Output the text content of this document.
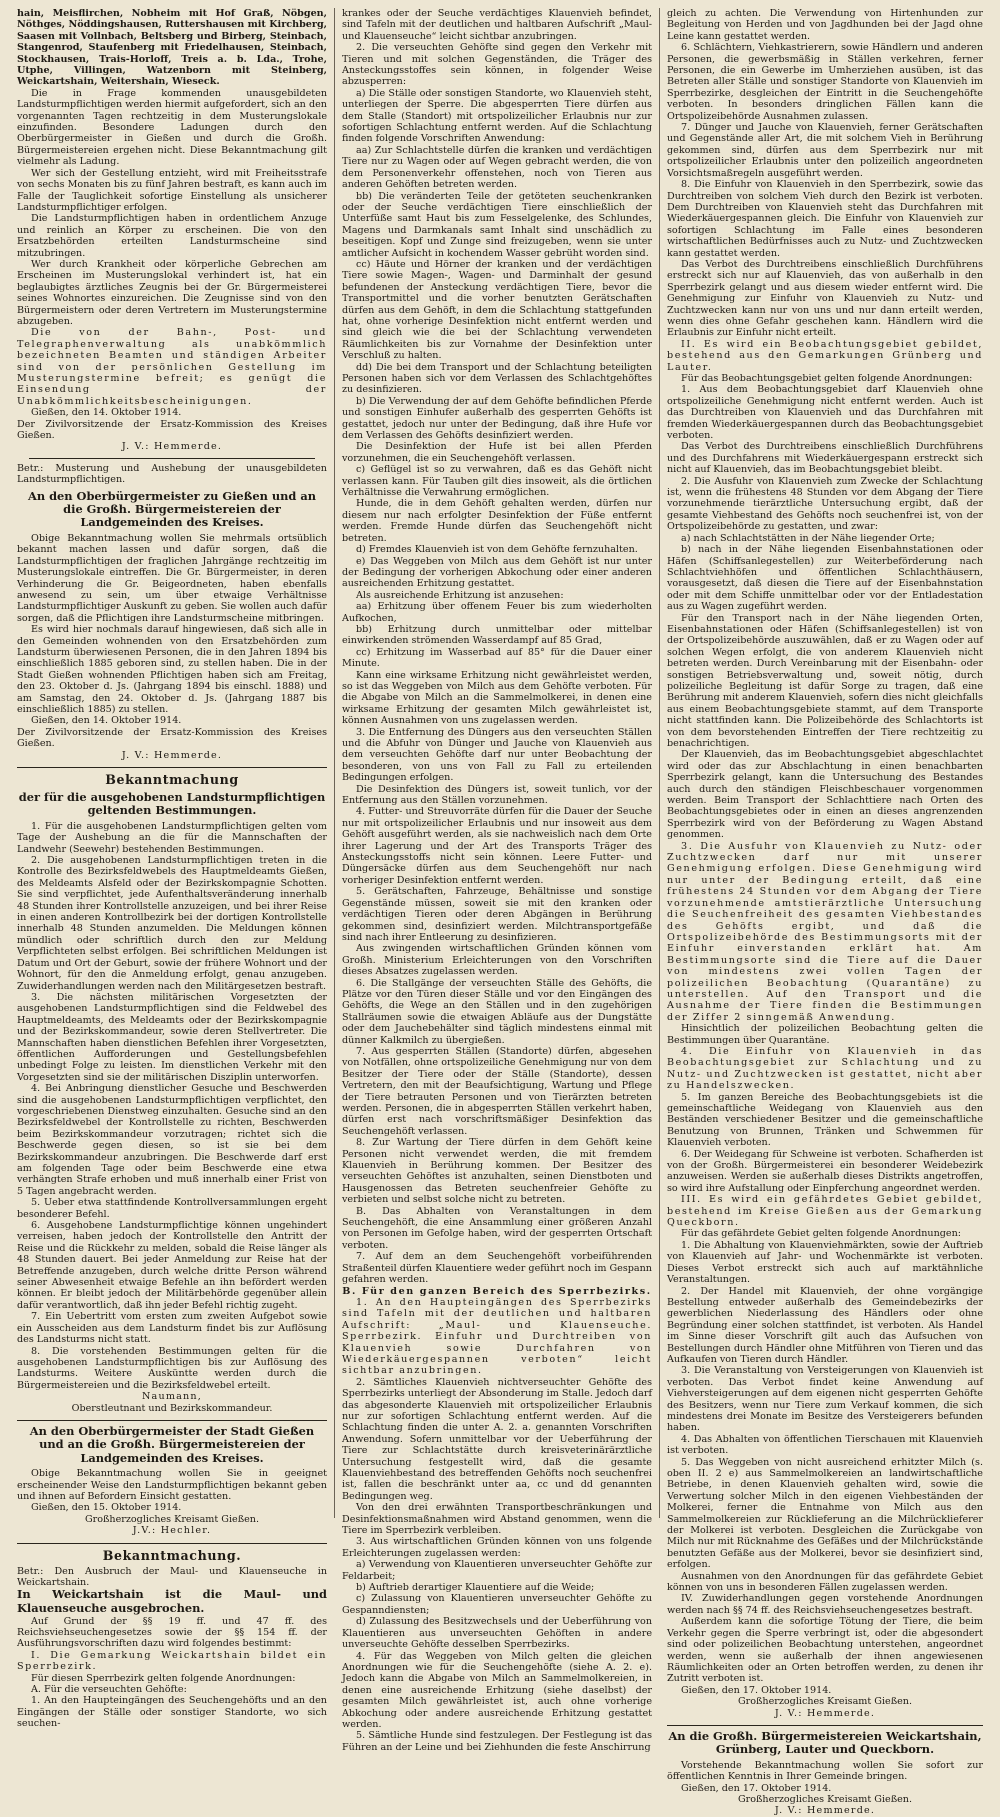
hain, Meisflirchen, Nobheim mit Hof Graß, Nöbgen, Nöthges, Nöddingshausen, Ruttershausen mit Kirchberg, Saasen mit Vollnbach, Beltsberg und Birberg, Steinbach, Stangenrod, Staufenberg mit Friedelhausen, Steinbach, Stockhausen, Trais-Horloff, Treis a. b. Lda., Trohe, Utphe, Villingen, Watzenborn mit Steinberg, Weickartshain, Weitershain, Wieseck.

Die in Frage kommenden unausgebildeten Landsturmpflichtigen werden hiermit aufgefordert, sich an den vorgenannten Tagen rechtzeitig in dem Musterungslokale einzufinden. Besondere Ladungen durch den Oberbürgermeister in Gießen und durch die Großh. Bürgermeistereien ergehen nicht. Diese Bekanntmachung gilt vielmehr als Ladung.

Wer sich der Gestellung entzieht, wird mit Freiheitsstrafe von sechs Monaten bis zu fünf Jahren bestraft, es kann auch im Falle der Tauglichkeit sofortige Einstellung als unsicherer Landsturmpflichtiger erfolgen.

Die Landsturmpflichtigen haben in ordentlichem Anzuge und reinlich an Körper zu erscheinen. Die von den Ersatzbehörden erteilten Landsturmscheine sind mitzubringen.

Wer durch Krankheit oder körperliche Gebrechen am Erscheinen im Musterungslokal verhindert ist, hat ein beglaubigtes ärztliches Zeugnis bei der Gr. Bürgermeisterei seines Wohnortes einzureichen. Die Zeugnisse sind von den Bürgermeistern oder deren Vertretern im Musterungstermine abzugeben.

Die von der Bahn-, Post- und Telegraphenverwaltung als unabkömmlich bezeichneten Beamten und ständigen Arbeiter sind von der persönlichen Gestellung im Musterungstermine befreit; es genügt die Einsendung der Unabkömmlichkeitsbescheinigungen.

Gießen, den 14. Oktober 1914.

Der Zivilvorsitzende der Ersatz-Kommission des Kreises Gießen.

J. V.: Hemmerde.

Betr.: Musterung und Aushebung der unausgebildeten Landsturmpflichtigen.

An den Oberbürgermeister zu Gießen und an die Großh. Bürgermeistereien der Landgemeinden des Kreises.

Obige Bekanntmachung wollen Sie mehrmals ortsüblich bekannt machen lassen und dafür sorgen, daß die Landsturmpflichtigen der fraglichen Jahrgänge rechtzeitig im Musterungslokale eintreffen. Die Gr. Bürgermeister, in deren Verhinderung die Gr. Beigeordneten, haben ebenfalls anwesend zu sein, um über etwaige Verhältnisse Landsturmpflichtiger Auskunft zu geben. Sie wollen auch dafür sorgen, daß die Pflichtigen ihre Landsturmscheine mitbringen.

Es wird hier nochmals darauf hingewiesen, daß sich alle in den Gemeinden wohnenden von den Ersatzbehörden zum Landsturm überwiesenen Personen, die in den Jahren 1894 bis einschließlich 1885 geboren sind, zu stellen haben. Die in der Stadt Gießen wohnenden Pflichtigen haben sich am Freitag, den 23. Oktober d. Js. (Jahrgang 1894 bis einschl. 1888) und am Samstag, den 24. Oktober d. Js. (Jahrgang 1887 bis einschließlich 1885) zu stellen.

Gießen, den 14. Oktober 1914.

Der Zivilvorsitzende der Ersatz-Kommission des Kreises Gießen.

J. V.: Hemmerde.

Bekanntmachung

der für die ausgehobenen Landsturmpflichtigen geltenden Bestimmungen.

1. Für die ausgehobenen Landsturmpflichtigen gelten vom Tage der Aushebung an die für die Mannschaften der Landwehr (Seewehr) bestehenden Bestimmungen.

2. Die ausgehobenen Landsturmpflichtigen treten in die Kontrolle des Bezirksfeldwebels des Hauptmeldeamts Gießen, des Meldeamts Alsfeld oder der Bezirkskompagnie Schotten. Sie sind verpflichtet, jede Aufenthaltsveränderung innerhalb 48 Stunden ihrer Kontrollstelle anzuzeigen, und bei ihrer Reise in einen anderen Kontrollbezirk bei der dortigen Kontrollstelle innerhalb 48 Stunden anzumelden. Die Meldungen können mündlich oder schriftlich durch den zur Meldung Verpflichteten selbst erfolgen. Bei schriftlichen Meldungen ist Datum und Ort der Geburt, sowie der frühere Wohnort und der Wohnort, für den die Anmeldung erfolgt, genau anzugeben. Zuwiderhandlungen werden nach den Militärgesetzen bestraft.

3. Die nächsten militärischen Vorgesetzten der ausgehobenen Landsturmpflichtigen sind die Feldwebel des Hauptmeldeamts, des Meldeamts oder der Bezirkskompagnie und der Bezirkskommandeur, sowie deren Stellvertreter. Die Mannschaften haben dienstlichen Befehlen ihrer Vorgesetzten, öffentlichen Aufforderungen und Gestellungsbefehlen unbedingt Folge zu leisten. Im dienstlichen Verkehr mit den Vorgesetzten sind sie der militärischen Disziplin unterworfen.

4. Bei Anbringung dienstlicher Gesuche und Beschwerden sind die ausgehobenen Landsturmpflichtigen verpflichtet, den vorgeschriebenen Dienstweg einzuhalten. Gesuche sind an den Bezirksfeldwebel der Kontrollstelle zu richten, Beschwerden beim Bezirkskommandeur vorzutragen; richtet sich die Beschwerde gegen diesen, so ist sie bei dem Bezirkskommandeur anzubringen. Die Beschwerde darf erst am folgenden Tage oder beim Beschwerde eine etwa verhängten Strafe erhoben und muß innerhalb einer Frist von 5 Tagen angebracht werden.

5. Ueber etwa stattfindende Kontrollversammlungen ergeht besonderer Befehl.

6. Ausgehobene Landsturmpflichtige können ungehindert verreisen, haben jedoch der Kontrollstelle den Antritt der Reise und die Rückkehr zu melden, sobald die Reise länger als 48 Stunden dauert. Bei jeder Anmeldung zur Reise hat der Betreffende anzugeben, durch welche dritte Person während seiner Abwesenheit etwaige Befehle an ihn befördert werden können. Er bleibt jedoch der Militärbehörde gegenüber allein dafür verantwortlich, daß ihn jeder Befehl richtig zugeht.

7. Ein Uebertritt vom ersten zum zweiten Aufgebot sowie ein Ausscheiden aus dem Landsturm findet bis zur Auflösung des Landsturms nicht statt.

8. Die vorstehenden Bestimmungen gelten für die ausgehobenen Landsturmpflichtigen bis zur Auflösung des Landsturms. Weitere Ausküntte werden durch die Bürgermeistereien und die Bezirksfeldwebel erteilt.

Naumann,

Oberstleutnant und Bezirkskommandeur.

An den Oberbürgermeister der Stadt Gießen und an die Großh. Bürgermeistereien der Landgemeinden des Kreises.

Obige Bekanntmachung wollen Sie in geeignet erscheinender Weise den Landsturmpflichtigen bekannt geben und ihnen auf Befordern Einsicht gestatten.

Gießen, den 15. Oktober 1914.

Großherzogliches Kreisamt Gießen.

J.V.: Hechler.

Bekanntmachung.

Betr.: Den Ausbruch der Maul- und Klauenseuche in Weickartshain.

In Weickartshain ist die Maul- und Klauenseuche ausgebrochen.

Auf Grund der §§ 19 ff. und 47 ff. des Reichsviehseuchengesetzes sowie der §§ 154 ff. der Ausführungsvorschriften dazu wird folgendes bestimmt:

I. Die Gemarkung Weickartshain bildet ein Sperrbezirk.

Für diesen Sperrbezirk gelten folgende Anordnungen:

A. Für die verseuchten Gehöfte:

1. An den Haupteingängen des Seuchengehöfts und an den Eingängen der Ställe oder sonstiger Standorte, wo sich seuchen-

krankes oder der Seuche verdächtiges Klauenvieh befindet, sind Tafeln mit der deutlichen und haltbaren Aufschrift „Maul- und Klauenseuche“ leicht sichtbar anzubringen.

2. Die verseuchten Gehöfte sind gegen den Verkehr mit Tieren und mit solchen Gegenständen, die Träger des Ansteckungsstoffes sein können, in folgender Weise abzusperren:

a) Die Ställe oder sonstigen Standorte, wo Klauenvieh steht, unterliegen der Sperre. Die abgesperrten Tiere dürfen aus dem Stalle (Standort) mit ortspolizeilicher Erlaubnis nur zur sofortigen Schlachtung entfernt werden. Auf die Schlachtung finden folgende Vorschriften Anwendung:

aa) Zur Schlachtstelle dürfen die kranken und verdächtigen Tiere nur zu Wagen oder auf Wegen gebracht werden, die von dem Personenverkehr offenstehen, noch von Tieren aus anderen Gehöften betreten werden.

bb) Die veränderten Teile der getöteten seuchenkranken oder der Seuche verdächtigen Tiere einschließlich der Unterfüße samt Haut bis zum Fesselgelenke, des Schlundes, Magens und Darmkanals samt Inhalt sind unschädlich zu beseitigen. Kopf und Zunge sind freizugeben, wenn sie unter amtlicher Aufsicht in kochendem Wasser gebrüht worden sind.

cc) Häute und Hörner der kranken und der verdächtigen Tiere sowie Magen-, Wagen- und Darminhalt der gesund befundenen der Ansteckung verdächtigen Tiere, bevor die Transportmittel und die vorher benutzten Gerätschaften dürfen aus dem Gehöft, in dem die Schlachtung stattgefunden hat, ohne vorherige Desinfektion nicht entfernt werden und sind gleich wie die bei der Schlachtung verwendeten Räumlichkeiten bis zur Vornahme der Desinfektion unter Verschluß zu halten.

dd) Die bei dem Transport und der Schlachtung beteiligten Personen haben sich vor dem Verlassen des Schlachtgehöftes zu desinfizieren.

b) Die Verwendung der auf dem Gehöfte befindlichen Pferde und sonstigen Einhufer außerhalb des gesperrten Gehöfts ist gestattet, jedoch nur unter der Bedingung, daß ihre Hufe vor dem Verlassen des Gehöfts desinfiziert werden.

Die Desinfektion der Hufe ist bei allen Pferden vorzunehmen, die ein Seuchengehöft verlassen.

c) Geflügel ist so zu verwahren, daß es das Gehöft nicht verlassen kann. Für Tauben gilt dies insoweit, als die örtlichen Verhältnisse die Verwahrung ermöglichen.

Hunde, die in dem Gehöft gehalten werden, dürfen nur diesem nur nach erfolgter Desinfektion der Füße entfernt werden. Fremde Hunde dürfen das Seuchengehöft nicht betreten.

d) Fremdes Klauenvieh ist von dem Gehöfte fernzuhalten.

e) Das Weggeben von Milch aus dem Gehöft ist nur unter der Bedingung der vorherigen Abkochung oder einer anderen ausreichenden Erhitzung gestattet.

Als ausreichende Erhitzung ist anzusehen:

aa) Erhitzung über offenem Feuer bis zum wiederholten Aufkochen,

bb) Erhitzung durch unmittelbar oder mittelbar einwirkenden strömenden Wasserdampf auf 85 Grad,

cc) Erhitzung im Wasserbad auf 85° für die Dauer einer Minute.

Kann eine wirksame Erhitzung nicht gewährleistet werden, so ist das Weggeben von Milch aus dem Gehöfte verboten. Für die Abgabe von Milch an die Sammelmolkerei, in denen eine wirksame Erhitzung der gesamten Milch gewährleistet ist, können Ausnahmen von uns zugelassen werden.

3. Die Entfernung des Düngers aus den verseuchten Ställen und die Abfuhr von Dünger und Jauche von Klauenvieh aus dem verseuchten Gehöfte darf nur unter Beobachtung der besonderen, von uns von Fall zu Fall zu erteilenden Bedingungen erfolgen.

Die Desinfektion des Düngers ist, soweit tunlich, vor der Entfernung aus den Ställen vorzunehmen.

4. Futter- und Streuvorräte dürfen für die Dauer der Seuche nur mit ortspolizeilicher Erlaubnis und nur insoweit aus dem Gehöft ausgeführt werden, als sie nachweislich nach dem Orte ihrer Lagerung und der Art des Transports Träger des Ansteckungsstoffs nicht sein können. Leere Futter- und Düngersäcke dürfen aus dem Seuchengehöft nur nach vorheriger Desinfektion entfernt werden.

5. Gerätschaften, Fahrzeuge, Behältnisse und sonstige Gegenstände müssen, soweit sie mit den kranken oder verdächtigen Tieren oder deren Abgängen in Berührung gekommen sind, desinfiziert werden. Milchtransportgefäße sind nach ihrer Entleerung zu desinfizieren.

Aus zwingenden wirtschaftlichen Gründen können vom Großh. Ministerium Erleichterungen von den Vorschriften dieses Absatzes zugelassen werden.

6. Die Stallgänge der verseuchten Ställe des Gehöfts, die Plätze vor den Türen dieser Ställe und vor den Eingängen des Gehöfts, die Wege an den Ställen und in den zugehörigen Stallräumen sowie die etwaigen Abläufe aus der Dungstätte oder dem Jauchebehälter sind täglich mindestens einmal mit dünner Kalkmilch zu übergießen.

7. Aus gesperrten Ställen (Standorte) dürfen, abgesehen von Notfällen, ohne ortspolizeiliche Genehmigung nur von dem Besitzer der Tiere oder der Ställe (Standorte), dessen Vertretern, den mit der Beaufsichtigung, Wartung und Pflege der Tiere betrauten Personen und von Tierärzten betreten werden. Personen, die in abgesperrten Ställen verkehrt haben, dürfen erst nach vorschriftsmäßiger Desinfektion das Seuchengehöft verlassen.

8. Zur Wartung der Tiere dürfen in dem Gehöft keine Personen nicht verwendet werden, die mit fremdem Klauenvieh in Berührung kommen. Der Besitzer des verseuchten Gehöftes ist anzuhalten, seinen Dienstboten und Hausgenossen das Betreten seuchenfreier Gehöfte zu verbieten und selbst solche nicht zu betreten.

B. Das Abhalten von Veranstaltungen in dem Seuchengehöft, die eine Ansammlung einer größeren Anzahl von Personen im Gefolge haben, wird der gesperrten Ortschaft verboten.

7. Auf dem an dem Seuchengehöft vorbeiführenden Straßenteil dürfen Klauentiere weder geführt noch im Gespann gefahren werden.

B. Für den ganzen Bereich des Sperrbezirks.

1. An den Haupteingängen des Sperrbezirks sind Tafeln mit der deutlichen und haltbaren Aufschrift: „Maul- und Klauenseuche. Sperrbezirk. Einfuhr und Durchtreiben von Klauenvieh sowie Durchfahren von Wiederkäuergespannen verboten“ leicht sichtbar anzubringen.

2. Sämtliches Klauenvieh nichtverseuchter Gehöfte des Sperrbezirks unterliegt der Absonderung im Stalle. Jedoch darf das abgesonderte Klauenvieh mit ortspolizeilicher Erlaubnis nur zur sofortigen Schlachtung entfernt werden. Auf die Schlachtung finden die unter A. 2. a. genannten Vorschriften Anwendung. Sofern unmittelbar vor der Ueberführung der Tiere zur Schlachtstätte durch kreisveterinärärztliche Untersuchung festgestellt wird, daß die gesamte Klauenviehbestand des betreffenden Gehöfts noch seuchenfrei ist, fallen die beschränkt unter aa, cc und dd genannten Bedingungen weg.

Von den drei erwähnten Transportbeschränkungen und Desinfektionsmaßnahmen wird Abstand genommen, wenn die Tiere im Sperrbezirk verbleiben.

3. Aus wirtschaftlichen Gründen können von uns folgende Erleichterungen zugelassen werden:

a) Verwendung von Klauentieren unverseuchter Gehöfte zur Feldarbeit;

b) Auftrieb derartiger Klauentiere auf die Weide;

c) Zulassung von Klauentieren unverseuchter Gehöfte zu Gespanndiensten;

d) Zulassung des Besitzwechsels und der Ueberführung von Klauentieren aus unverseuchten Gehöften in andere unverseuchte Gehöfte desselben Sperrbezirks.

4. Für das Weggeben von Milch gelten die gleichen Anordnungen wie für die Seuchengehöfte (siehe A. 2. e). Jedoch kann die Abgabe von Milch an Sammelmolkereien, in denen eine ausreichende Erhitzung (siehe daselbst) der gesamten Milch gewährleistet ist, auch ohne vorherige Abkochung oder andere ausreichende Erhitzung gestattet werden.

5. Sämtliche Hunde sind festzulegen. Der Festlegung ist das Führen an der Leine und bei Ziehhunden die feste Anschirrung

gleich zu achten. Die Verwendung von Hirtenhunden zur Begleitung von Herden und von Jagdhunden bei der Jagd ohne Leine kann gestattet werden.

6. Schlächtern, Viehkastrierern, sowie Händlern und anderen Personen, die gewerbsmäßig in Ställen verkehren, ferner Personen, die ein Gewerbe im Umherziehen ausüben, ist das Betreten aller Ställe und sonstiger Standorte von Klauenvieh im Sperrbezirke, desgleichen der Eintritt in die Seuchengehöfte verboten. In besonders dringlichen Fällen kann die Ortspolizeibehörde Ausnahmen zulassen.

7. Dünger und Jauche von Klauenvieh, ferner Gerätschaften und Gegenstände aller Art, die mit solchem Vieh in Berührung gekommen sind, dürfen aus dem Sperrbezirk nur mit ortspolizeilicher Erlaubnis unter den polizeilich angeordneten Vorsichtsmaßregeln ausgeführt werden.

8. Die Einfuhr von Klauenvieh in den Sperrbezirk, sowie das Durchtreiben von solchem Vieh durch den Bezirk ist verboten. Dem Durchtreiben von Klauenvieh steht das Durchfahren mit Wiederkäuergespannen gleich. Die Einfuhr von Klauenvieh zur sofortigen Schlachtung im Falle eines besonderen wirtschaftlichen Bedürfnisses auch zu Nutz- und Zuchtzwecken kann gestattet werden.

Das Verbot des Durchtreibens einschließlich Durchführens erstreckt sich nur auf Klauenvieh, das von außerhalb in den Sperrbezirk gelangt und aus diesem wieder entfernt wird. Die Genehmigung zur Einfuhr von Klauenvieh zu Nutz- und Zuchtzwecken kann nur von uns und nur dann erteilt werden, wenn dies ohne Gefahr geschehen kann. Händlern wird die Erlaubnis zur Einfuhr nicht erteilt.

II. Es wird ein Beobachtungsgebiet gebildet, bestehend aus den Gemarkungen Grünberg und Lauter.

Für das Beobachtungsgebiet gelten folgende Anordnungen:

1. Aus dem Beobachtungsgebiet darf Klauenvieh ohne ortspolizeiliche Genehmigung nicht entfernt werden. Auch ist das Durchtreiben von Klauenvieh und das Durchfahren mit fremden Wiederkäuergespannen durch das Beobachtungsgebiet verboten.

Das Verbot des Durchtreibens einschließlich Durchführens und des Durchfahrens mit Wiederkäuergespann erstreckt sich nicht auf Klauenvieh, das im Beobachtungsgebiet bleibt.

2. Die Ausfuhr von Klauenvieh zum Zwecke der Schlachtung ist, wenn die frühestens 48 Stunden vor dem Abgang der Tiere vorzunehmende tierärztliche Untersuchung ergibt, daß der gesamte Viehbestand des Gehöfts noch seuchenfrei ist, von der Ortspolizeibehörde zu gestatten, und zwar:

a) nach Schlachtstätten in der Nähe liegender Orte;

b) nach in der Nähe liegenden Eisenbahnstationen oder Häfen (Schiffsanlegestellen) zur Weiterbeförderung nach Schlachtviehhöfen und öffentlichen Schlachthäusern, vorausgesetzt, daß diesen die Tiere auf der Eisenbahnstation oder mit dem Schiffe unmittelbar oder vor der Entladestation aus zu Wagen zugeführt werden.

Für den Transport nach in der Nähe liegenden Orten, Eisenbahnstationen oder Häfen (Schiffsanlegestellen) ist von der Ortspolizeibehörde auszuwählen, daß er zu Wagen oder auf solchen Wegen erfolgt, die von anderem Klauenvieh nicht betreten werden. Durch Vereinbarung mit der Eisenbahn- oder sonstigen Betriebsverwaltung und, soweit nötig, durch polizeiliche Begleitung ist dafür Sorge zu tragen, daß eine Berührung mit anderem Klauenvieh, sofern dies nicht gleichfalls aus einem Beobachtungsgebiete stammt, auf dem Transporte nicht stattfinden kann. Die Polizeibehörde des Schlachtorts ist von dem bevorstehenden Eintreffen der Tiere rechtzeitig zu benachrichtigen.

Der Klauenvieh, das im Beobachtungsgebiet abgeschlachtet wird oder das zur Abschlachtung in einen benachbarten Sperrbezirk gelangt, kann die Untersuchung des Bestandes auch durch den ständigen Fleischbeschauer vorgenommen werden. Beim Transport der Schlachttiere nach Orten des Beobachtungsgebietes oder in einen an dieses angrenzenden Sperrbezirk wird von der Beförderung zu Wagen Abstand genommen.

3. Die Ausfuhr von Klauenvieh zu Nutz- oder Zuchtzwecken darf nur mit unserer Genehmigung erfolgen. Diese Genehmigung wird nur unter der Bedingung erteilt, daß eine frühestens 24 Stunden vor dem Abgang der Tiere vorzunehmende amtstierärztliche Untersuchung die Seuchenfreiheit des gesamten Viehbestandes des Gehöfts ergibt, und daß die Ortspolizeibehörde des Bestimmungsorts mit der Einfuhr einverstanden erklärt hat. Am Bestimmungsorte sind die Tiere auf die Dauer von mindestens zwei vollen Tagen der polizeilichen Beobachtung (Quarantäne) zu unterstellen. Auf den Transport und die Ausnahme der Tiere finden die Bestimmungen der Ziffer 2 sinngemäß Anwendung.

Hinsichtlich der polizeilichen Beobachtung gelten die Bestimmungen über Quarantäne.

4. Die Einfuhr von Klauenvieh in das Beobachtungsgebiet zur Schlachtung und zu Nutz- und Zuchtzwecken ist gestattet, nicht aber zu Handelszwecken.

5. Im ganzen Bereiche des Beobachtungsgebiets ist die gemeinschaftliche Weidegang von Klauenvieh aus den Beständen verschiedener Besitzer und die gemeinschaftliche Benutzung von Brunnen, Tränken und Schwemmen für Klauenvieh verboten.

6. Der Weidegang für Schweine ist verboten. Schafherden ist von der Großh. Bürgermeisterei ein besonderer Weidebezirk anzuweisen. Werden sie außerhalb dieses Distrikts angetroffen, so wird ihre Aufstallung oder Einpferchung angeordnet werden.

III. Es wird ein gefährdetes Gebiet gebildet, bestehend im Kreise Gießen aus der Gemarkung Queckborn.

Für das gefährdete Gebiet gelten folgende Anordnungen:

1. Die Abhaltung von Klauenviehmärkten, sowie der Auftrieb von Klauenvieh auf Jahr- und Wochenmärkte ist verboten. Dieses Verbot erstreckt sich auch auf marktähnliche Veranstaltungen.

2. Der Handel mit Klauenvieh, der ohne vorgängige Bestellung entweder außerhalb des Gemeindebezirks der gewerblichen Niederlassung des Händlers oder ohne Begründung einer solchen stattfindet, ist verboten. Als Handel im Sinne dieser Vorschrift gilt auch das Aufsuchen von Bestellungen durch Händler ohne Mitführen von Tieren und das Aufkaufen von Tieren durch Händler.

3. Die Veranstaltung von Versteigerungen von Klauenvieh ist verboten. Das Verbot findet keine Anwendung auf Viehversteigerungen auf dem eigenen nicht gesperrten Gehöfte des Besitzers, wenn nur Tiere zum Verkauf kommen, die sich mindestens drei Monate im Besitze des Versteigerers befunden haben.

4. Das Abhalten von öffentlichen Tierschauen mit Klauenvieh ist verboten.

5. Das Weggeben von nicht ausreichend erhitzter Milch (s. oben II. 2 e) aus Sammelmolkereien an landwirtschaftliche Betriebe, in denen Klauenvieh gehalten wird, sowie die Verwertung solcher Milch in den eigenen Viehbeständen der Molkerei, ferner die Entnahme von Milch aus den Sammelmolkereien zur Rücklieferung an die Milchrücklieferer der Molkerei ist verboten. Desgleichen die Zurückgabe von Milch nur mit Rücknahme des Gefäßes und der Milchrückstände benutzten Gefäße aus der Molkerei, bevor sie desinfiziert sind, erfolgen.

Ausnahmen von den Anordnungen für das gefährdete Gebiet können von uns in besonderen Fällen zugelassen werden.

IV. Zuwiderhandlungen gegen vorstehende Anordnungen werden nach §§ 74 ff. des Reichsviehseuchengesetzes bestraft.

Außerdem kann die sofortige Tötung der Tiere, die beim Verkehr gegen die Sperre verbringt ist, oder die abgesondert sind oder polizeilichen Beobachtung unterstehen, angeordnet werden, wenn sie außerhalb der ihnen angewiesenen Räumlichkeiten oder an Orten betroffen werden, zu denen ihr Zutritt verboten ist.

Gießen, den 17. Oktober 1914.

Großherzogliches Kreisamt Gießen.

J. V.: Hemmerde.

An die Großh. Bürgermeistereien Weickartshain, Grünberg, Lauter und Queckborn.

Vorstehende Bekanntmachung wollen Sie sofort zur öffentlichen Kenntnis in Ihrer Gemeinde bringen.

Gießen, den 17. Oktober 1914.

Großherzogliches Kreisamt Gießen.

J. V.: Hemmerde.
